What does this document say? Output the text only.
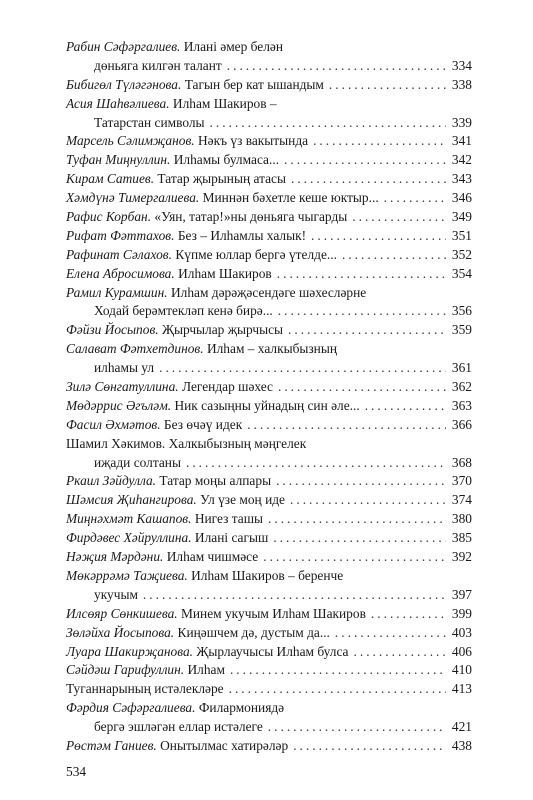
Рабин Сәфәргалиев. Иланi әмер белән
дөньяга килгән талант .....	334
Бибигөл Түләгәнова. Тагын бер кат ышандым .....	338
Асия Шаһвәлиева. Илһам Шакиров –
Татарстан символы .....	339
Марсель Сәлимҗанов. Нәкъ үз вакытында .....	341
Туфан Миңнуллин. Илһамы булмаса... .....	342
Кирам Сатиев. Татар җырының атасы .....	343
Хәмдүнә Тимергалиева. Миннән бәхетле кеше юктыр... .....	346
Рафис Корбан. «Уян, татар!»ны дөньяга чыгарды .....	349
Рифат Фәттахов. Без – Илһамлы халык! .....	351
Рафинат Сәлахов. Күпме юллар бергә үтелде... .....	352
Елена Абросимова. Илһам Шакиров .....	354
Рамил Курамшин. Илһам дәрәҗәсендәге шәхесләрне
Ходай берәмтекләп кенә бирә... .....	356
Фәйзи Йосыпов. Җырчылар җырчысы .....	359
Салават Фәтхетдинов. Илһам – халкыбызның
илһамы ул .....	361
Зилә Сөнгатуллина. Легендар шәхес .....	362
Мөдәррис Әгъләм. Ник сазыңны уйнадың син әле... .....	363
Фасил Әхмәтов. Без өчәү идек .....	366
Шамил Хәкимов. Халкыбызның мәңгелек
иҗади солтаны .....	368
Ркаил Зәйдулла. Татар моңы алпары .....	370
Шәмсия Җиһангирова. Ул үзе моң иде .....	374
Миңнәхмәт Кашапов. Нигез ташы .....	380
Фирдәвес Хәйруллина. Иланi сагыш .....	385
Нәҗия Мәрдәни. Илһам чишмәсе .....	392
Мөкәррәмә Таҗиева. Илһам Шакиров – беренче
укучым .....	397
Илсөяр Сөнкишева. Минем укучым Илһам Шакиров .....	399
Зөләйха Йосыпова. Киңәшчем дә, дустым да... .....	403
Луара Шакирҗанова. Җырлаучысы Илһам булса .....	406
Сәйдәш Гарифуллин. Илһам .....	410
Туганнарының истәлекләре .....	413
Фәрдия Сәфәргалиева. Филармониядә
бергә эшләгән еллар истәлеге .....	421
Рөстәм Ганиев. Онытылмас хатирәләр .....	438
534
